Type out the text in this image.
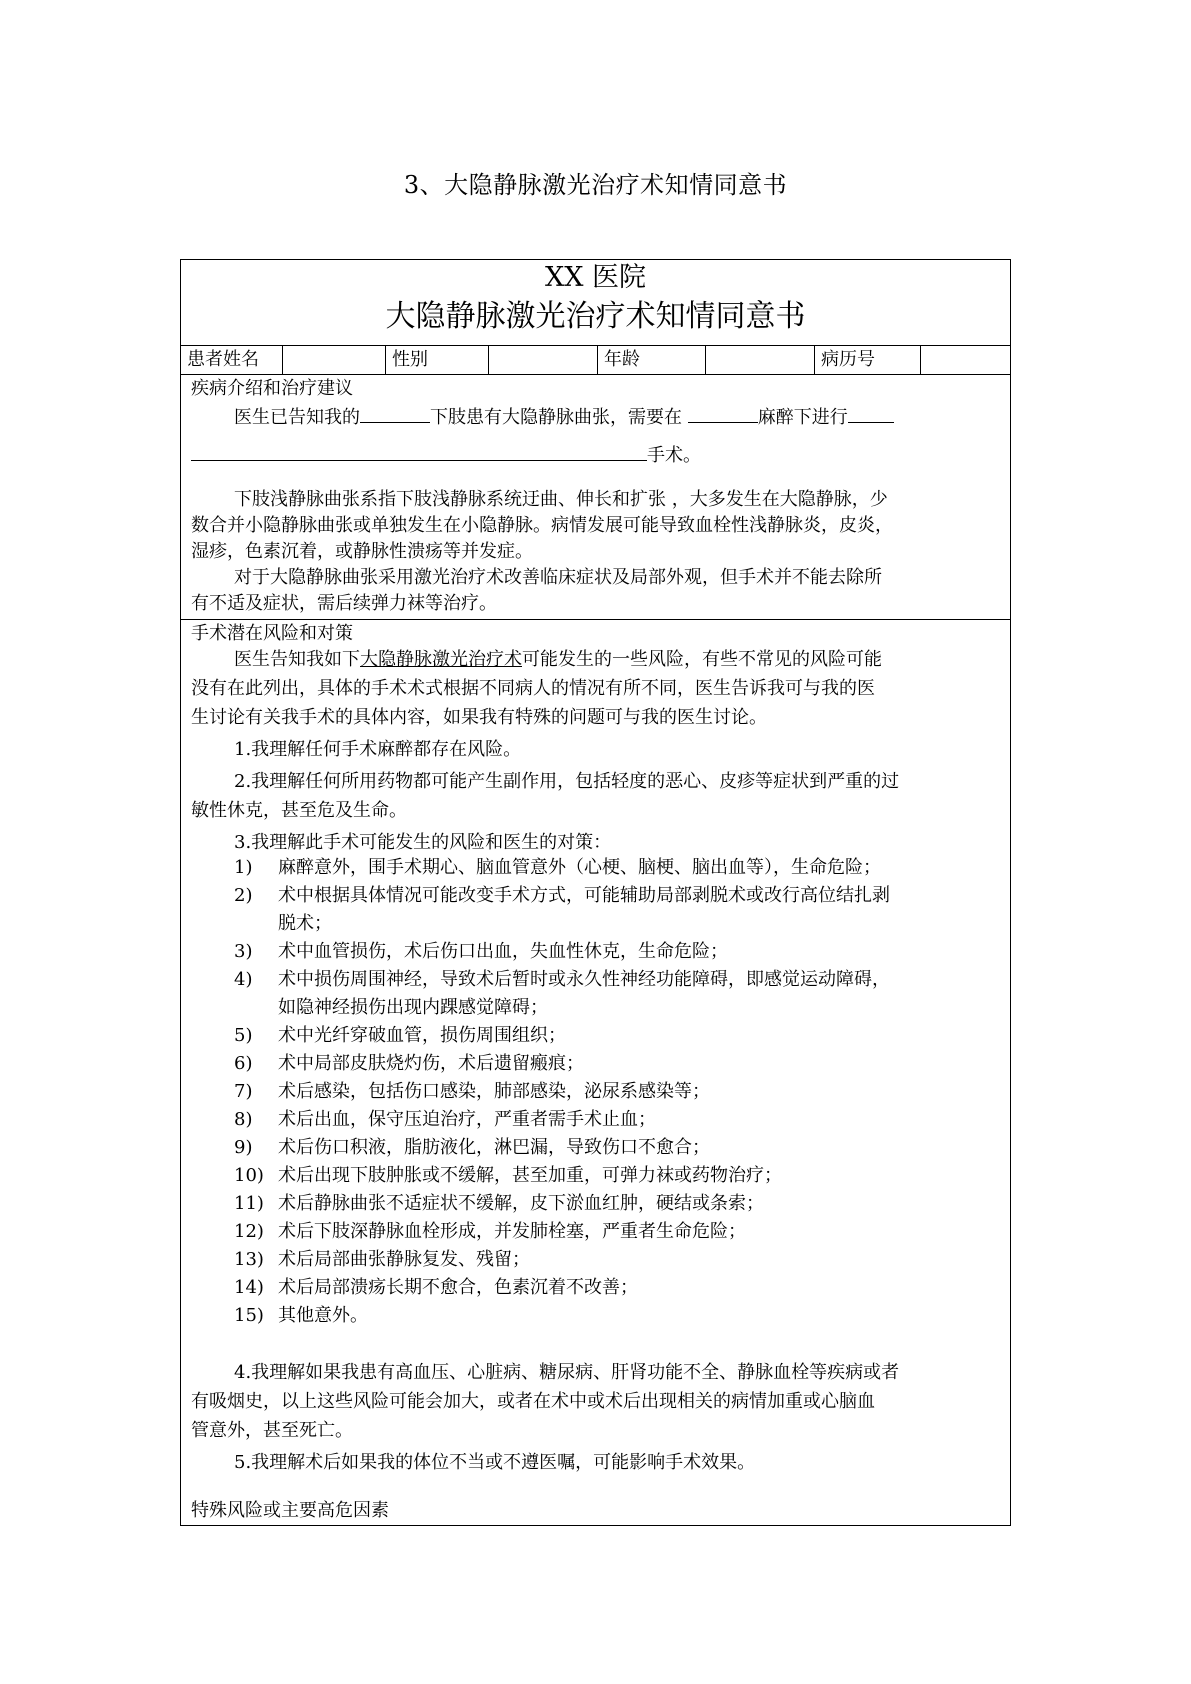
3、大隐静脉激光治疗术知情同意书
XX 医院
大隐静脉激光治疗术知情同意书
患者姓名	性别	年龄	病历号
疾病介绍和治疗建议
医生已告知我的	下肢患有大隐静脉曲张，需要在	麻醉下进行
手术。
下肢浅静脉曲张系指下肢浅静脉系统迂曲、伸长和扩张 ，大多发生在大隐静脉，少
数合并小隐静脉曲张或单独发生在小隐静脉。病情发展可能导致血栓性浅静脉炎，皮炎，
湿疹，色素沉着，或静脉性溃疡等并发症。
对于大隐静脉曲张采用激光治疗术改善临床症状及局部外观，但手术并不能去除所
有不适及症状，需后续弹力袜等治疗。
手术潜在风险和对策
医生告知我如下大隐静脉激光治疗术可能发生的一些风险，有些不常见的风险可能
没有在此列出，具体的手术术式根据不同病人的情况有所不同，医生告诉我可与我的医
生讨论有关我手术的具体内容，如果我有特殊的问题可与我的医生讨论。
1.我理解任何手术麻醉都存在风险。
2.我理解任何所用药物都可能产生副作用，包括轻度的恶心、皮疹等症状到严重的过
敏性休克，甚至危及生命。
3.我理解此手术可能发生的风险和医生的对策：
1) 麻醉意外，围手术期心、脑血管意外（心梗、脑梗、脑出血等），生命危险；
2) 术中根据具体情况可能改变手术方式，可能辅助局部剥脱术或改行高位结扎剥
脱术；
3) 术中血管损伤，术后伤口出血，失血性休克，生命危险；
4) 术中损伤周围神经，导致术后暂时或永久性神经功能障碍，即感觉运动障碍，
如隐神经损伤出现内踝感觉障碍；
5) 术中光纤穿破血管，损伤周围组织；
6) 术中局部皮肤烧灼伤，术后遗留瘢痕；
7) 术后感染，包括伤口感染，肺部感染，泌尿系感染等；
8) 术后出血，保守压迫治疗，严重者需手术止血；
9) 术后伤口积液，脂肪液化，淋巴漏，导致伤口不愈合；
10) 术后出现下肢肿胀或不缓解，甚至加重，可弹力袜或药物治疗；
11) 术后静脉曲张不适症状不缓解，皮下淤血红肿，硬结或条索；
12) 术后下肢深静脉血栓形成，并发肺栓塞，严重者生命危险；
13) 术后局部曲张静脉复发、残留；
14) 术后局部溃疡长期不愈合，色素沉着不改善；
15) 其他意外。
4.我理解如果我患有高血压、心脏病、糖尿病、肝肾功能不全、静脉血栓等疾病或者
有吸烟史，以上这些风险可能会加大，或者在术中或术后出现相关的病情加重或心脑血
管意外，甚至死亡。
5.我理解术后如果我的体位不当或不遵医嘱，可能影响手术效果。
特殊风险或主要高危因素
